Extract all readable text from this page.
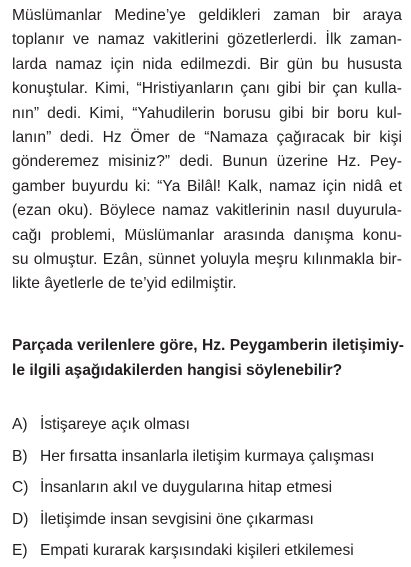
Müslümanlar Medine’ye geldikleri zaman bir araya
toplanır ve namaz vakitlerini gözetlerlerdi. İlk zaman-
larda namaz için nida edilmezdi. Bir gün bu hususta
konuştular. Kimi, “Hristiyanların çanı gibi bir çan kulla-
nın” dedi. Kimi, “Yahudilerin borusu gibi bir boru kul-
lanın” dedi. Hz Ömer de “Namaza çağıracak bir kişi
gönderemez misiniz?” dedi. Bunun üzerine Hz. Pey-
gamber buyurdu ki: “Ya Bilâl! Kalk, namaz için nidâ et
(ezan oku). Böylece namaz vakitlerinin nasıl duyurula-
cağı problemi, Müslümanlar arasında danışma konu-
su olmuştur. Ezân, sünnet yoluyla meşru kılınmakla bir-
likte âyetlerle de te’yid edilmiştir.
Parçada verilenlere göre, Hz. Peygamberin iletişimiy-
le ilgili aşağıdakilerden hangisi söylenebilir?
A) İstişareye açık olması
B) Her fırsatta insanlarla iletişim kurmaya çalışması
C) İnsanların akıl ve duygularına hitap etmesi
D) İletişimde insan sevgisini öne çıkarması
E) Empati kurarak karşısındaki kişileri etkilemesi
